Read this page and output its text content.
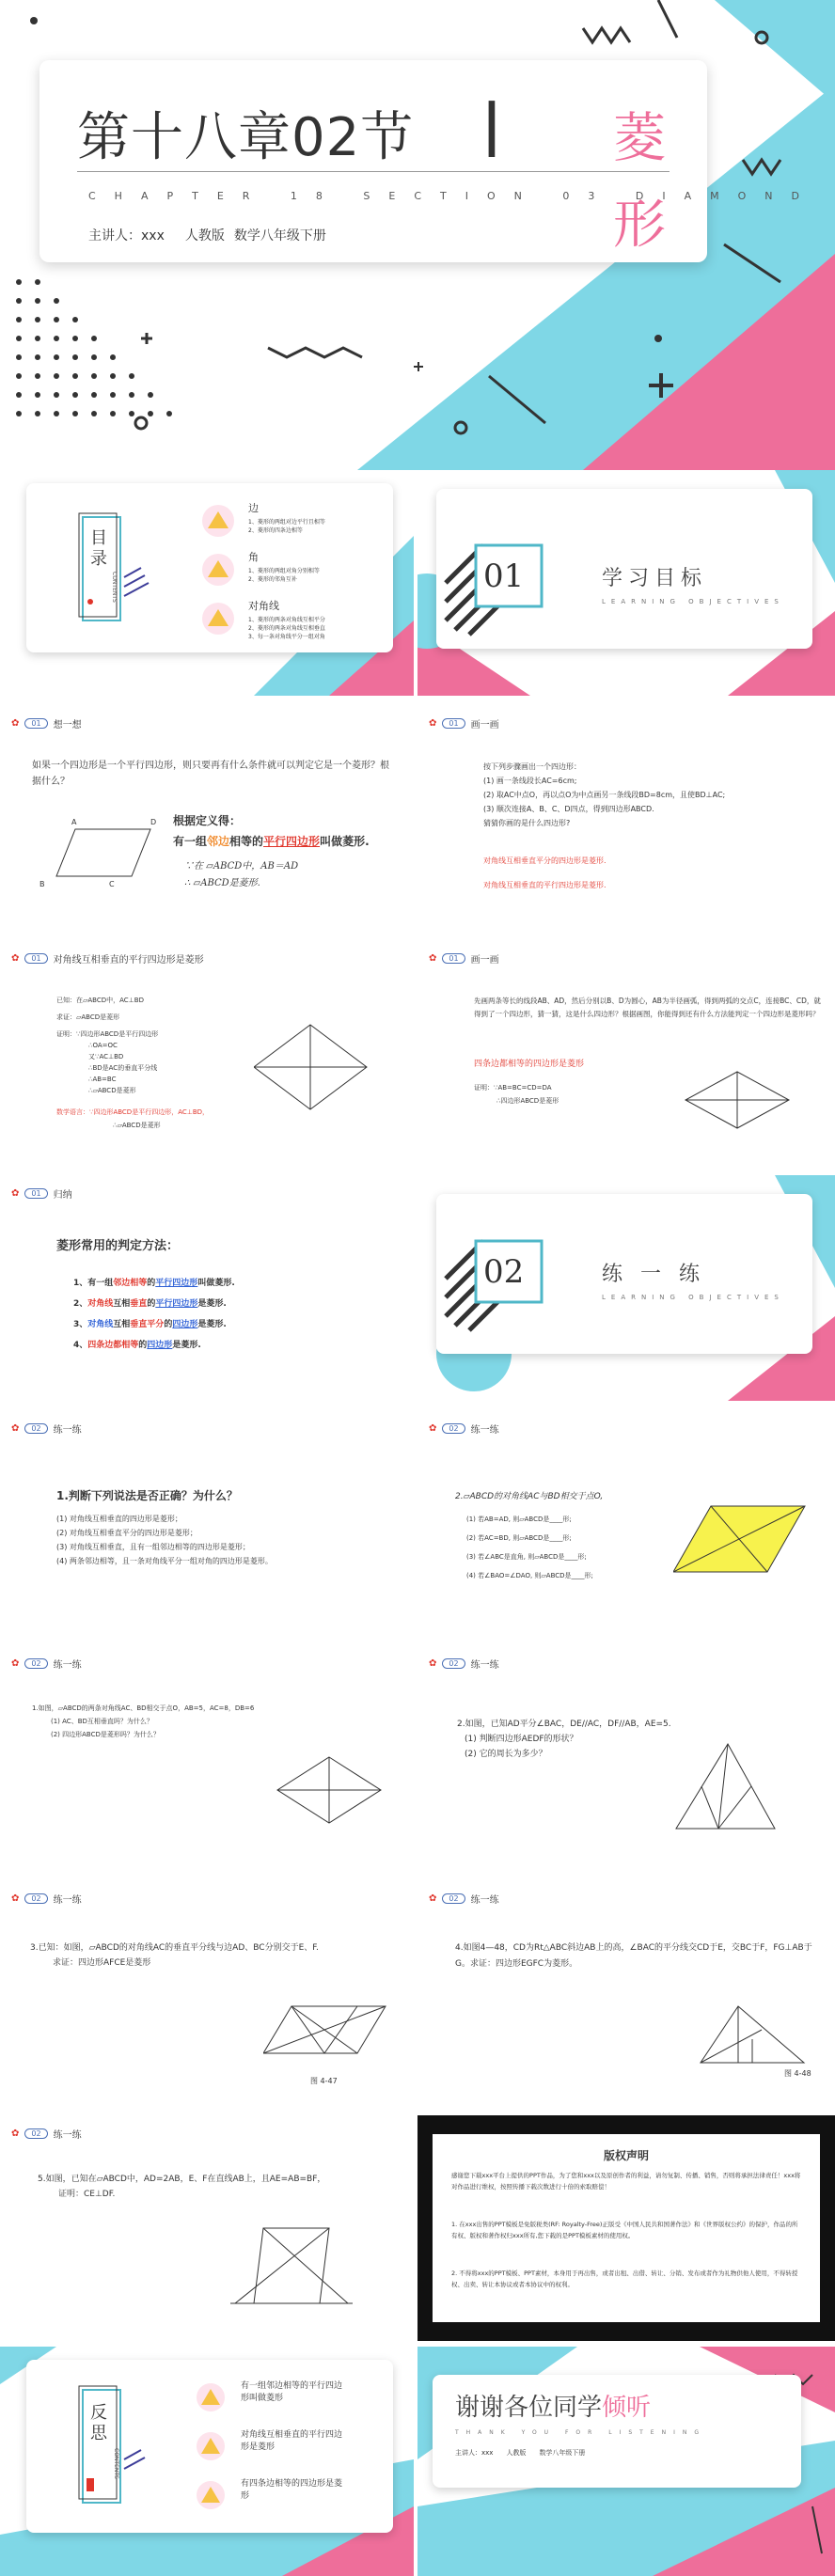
第十八章02节 | 菱形
CHAPTER 18 SECTION 03 DIAMOND
主讲人：xxx 人教版 数学八年级下册
目录
CONTENTS
边
1、菱形的两组对边平行且相等
2、菱形的四条边相等
角
1、菱形的两组对角分别相等
2、菱形的邻角互补
对角线
1、菱形的两条对角线互相平分
2、菱形的两条对角线互相垂直
3、每一条对角线平分一组对角
01	学习目标
LEARNING OBJECTIVES
✿	01	想一想
如果一个四边形是一个平行四边形，则只要再有什么条件就可以判定它是一个菱形？根据什么？
A	D
B	C
根据定义得：
有一组邻边相等的平行四边形叫做菱形.
∵在 ▱ABCD中，AB＝AD
∴ ▱ABCD是菱形.
✿	01	画一画
按下列步骤画出一个四边形：
(1) 画一条线段长AC=6cm;
(2) 取AC中点O，再以点O为中点画另一条线段BD=8cm，且使BD⊥AC;
(3) 顺次连接A、B、C、D四点，得到四边形ABCD.
猜猜你画的是什么四边形?
对角线互相垂直平分的四边形是菱形.
对角线互相垂直的平行四边形是菱形.
✿	01	对角线互相垂直的平行四边形是菱形
已知：在▱ABCD中，AC⊥BD
求证：▱ABCD是菱形
证明：∵四边形ABCD是平行四边形
∴OA=OC
又∵AC⊥BD
∴BD是AC的垂直平分线
∴AB=BC
∴▱ABCD是菱形
数学语言：∵四边形ABCD是平行四边形，AC⊥BD，
∴▱ABCD是菱形
✿	01	画一画
先画两条等长的线段AB、AD，然后分别以B、D为圆心，AB为半径画弧，得到两弧的交点C，连接BC、CD，就得到了一个四边形，猜一猜，这是什么四边形？根据画图，你能得到还有什么方法能判定一个四边形是菱形吗？
四条边都相等的四边形是菱形
证明：∵AB=BC=CD=DA
∴四边形ABCD是菱形
✿	01	归纳
菱形常用的判定方法：
1、有一组邻边相等的平行四边形叫做菱形.
2、对角线互相垂直的平行四边形是菱形.
3、对角线互相垂直平分的四边形是菱形.
4、四条边都相等的四边形是菱形.
02	练 一 练
LEARNING OBJECTIVES
✿	02	练一练
1.判断下列说法是否正确？为什么？
(1) 对角线互相垂直的四边形是菱形；
(2) 对角线互相垂直平分的四边形是菱形；
(3) 对角线互相垂直，且有一组邻边相等的四边形是菱形；
(4) 两条邻边相等，且一条对角线平分一组对角的四边形是菱形。
✿	02	练一练
2.▱ABCD的对角线AC与BD相交于点O,
(1) 若AB=AD, 则▱ABCD是____形;
(2) 若AC=BD, 则▱ABCD是____形;
(3) 若∠ABC是直角, 则▱ABCD是____形;
(4) 若∠BAO=∠DAO, 则▱ABCD是____形;
✿	02	练一练
1.如图，▱ABCD的两条对角线AC、BD相交于点O，AB=5，AC=8，DB=6
(1) AC、BD互相垂直吗？为什么？
(2) 四边形ABCD是菱形吗？为什么？
✿	02	练一练
2.如图，已知AD平分∠BAC，DE//AC，DF//AB，AE=5.
(1) 判断四边形AEDF的形状？
(2) 它的周长为多少？
✿	02	练一练
3.已知：如图，▱ABCD的对角线AC的垂直平分线与边AD、BC分别交于E、F.
求证：四边形AFCE是菱形
图 4-47
✿	02	练一练
4.如图4—48，CD为Rt△ABC斜边AB上的高，∠BAC的平分线交CD于E，交BC于F，FG⊥AB于G。求证：四边形EGFC为菱形。
图 4-48
✿	02	练一练
5.如图，已知在▱ABCD中，AD=2AB，E、F在直线AB上，且AE=AB=BF，
证明：CE⊥DF.
版权声明
感谢您下载xxx平台上提供的PPT作品，为了您和xxx以及原创作者的利益，请勿复制、传播、销售，否则将承担法律责任！xxx将对作品进行维权，按照传播下载次数进行十倍的索取赔偿！
1. 在xxx出售的PPT模板是免版税类(RF: Royalty-Free)正版受《中国人民共和国著作法》和《世界版权公约》的保护，作品的所有权、版权和著作权归xxx所有,您下载的是PPT模板素材的使用权。
2. 不得将xxx的PPT模板、PPT素材，本身用于再出售，或者出租、出借、转让、分销、发布或者作为礼物供他人使用，不得转授权、出卖、转让本协议或者本协议中的权利。
反思
CONTENTS
有一组邻边相等的平行四边形叫做菱形
对角线互相垂直的平行四边形是菱形
有四条边相等的四边形是菱形
谢谢各位同学倾听
THANK YOU FOR LISTENING
主讲人：xxx 人教版 数学八年级下册
